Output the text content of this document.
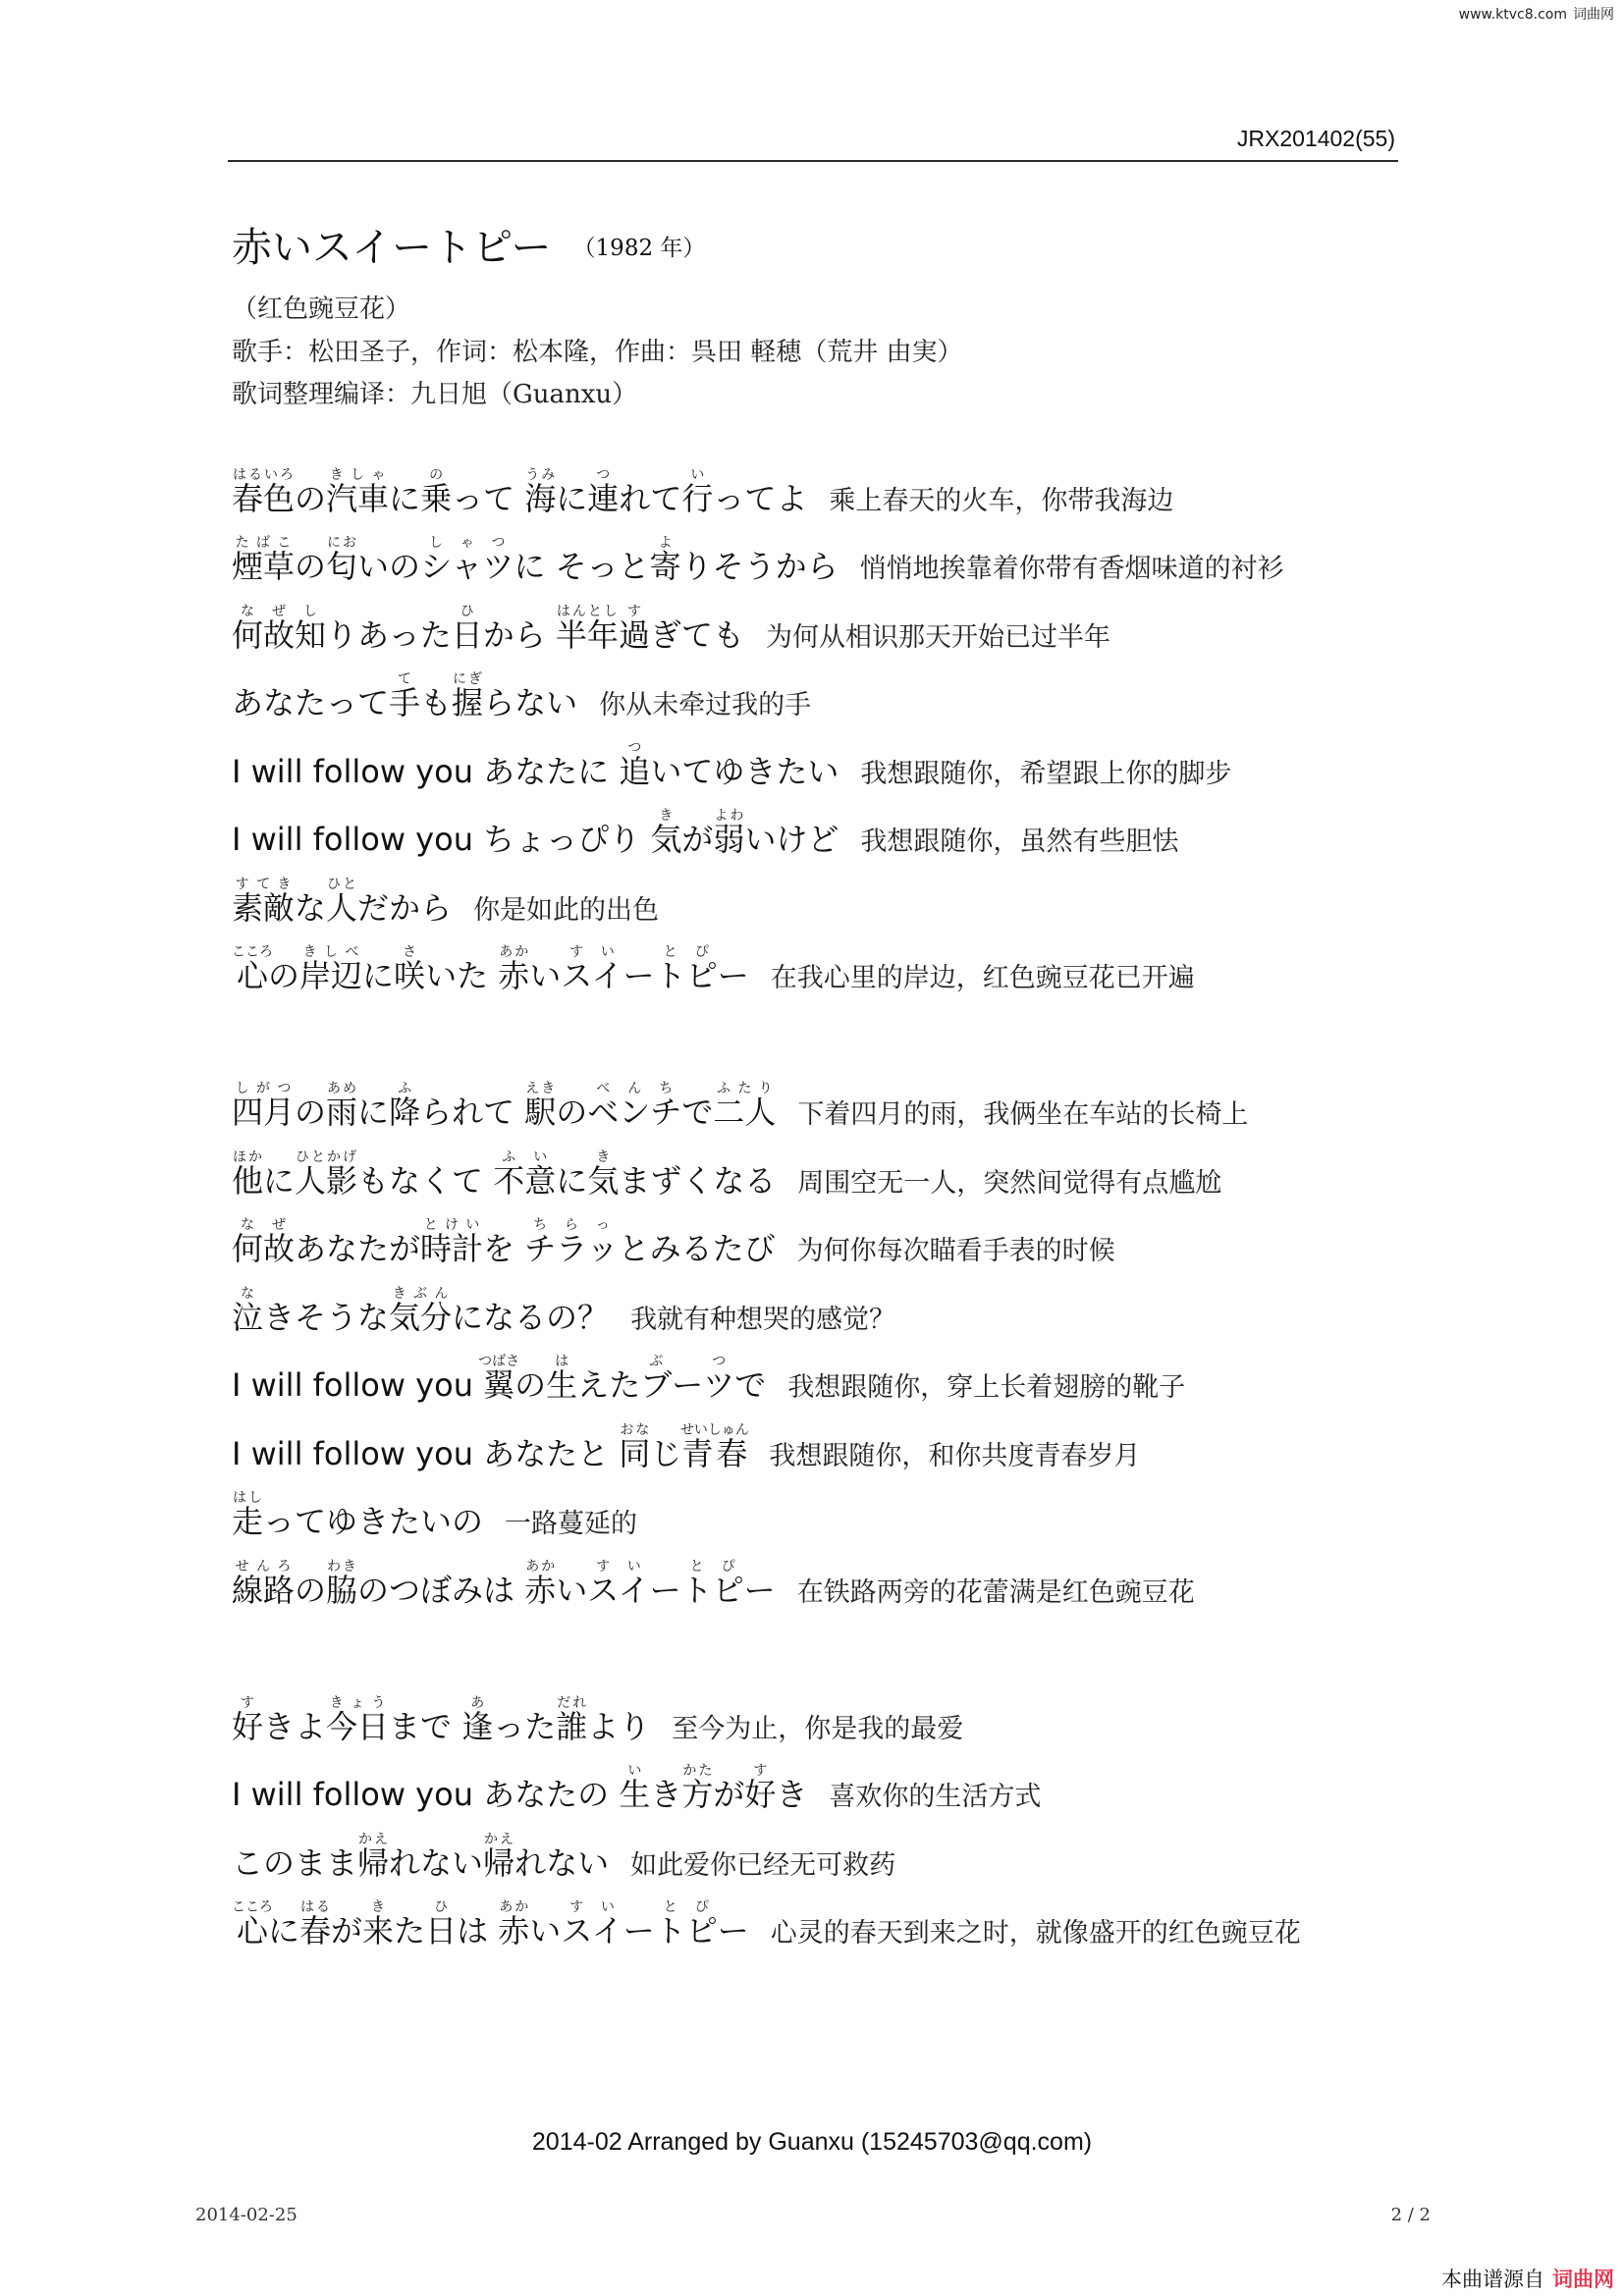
www.ktvc8.com 词曲网
JRX201402(55)
赤いスイートピー （1982 年）
（红色豌豆花）
歌手：松田圣子，作词：松本隆，作曲：呉田 軽穂（荒井 由実）
歌词整理编译：九日旭（Guanxu）
春色はるいろの汽車きしゃに乗のって 海うみに連つれて行いってよ 乘上春天的火车，你带我海边
煙草たばこの匂においのシャツしゃつに そっと寄よりそうから 悄悄地挨靠着你带有香烟味道的衬衫
何故なぜ知しりあった日ひから 半年はんとし過すぎても 为何从相识那天开始已过半年
あなたって手ても握にぎらない 你从未牵过我的手
I will follow you あなたに 追ついてゆきたい 我想跟随你，希望跟上你的脚步
I will follow you ちょっぴり 気きが弱よわいけど 我想跟随你，虽然有些胆怯
素敵すてきな人ひとだから 你是如此的出色
心こころの岸辺きしべに咲さいた 赤あかいスイすいートとピぴー 在我心里的岸边，红色豌豆花已开遍
四月しがつの雨あめに降ふられて 駅えきのベンチべんちで二人ふたり下着四月的雨，我俩坐在车站的长椅上
他ほかに人影ひとかげもなくて 不意ふいに気きまずくなる 周围空无一人，突然间觉得有点尴尬
何故なぜあなたが時計とけいを チラッちらっとみるたび 为何你每次瞄看手表的时候
泣なきそうな気分きぶんになるの？ 我就有种想哭的感觉？
I will follow you 翼つばさの生はえたブぶーツつで 我想跟随你，穿上长着翅膀的靴子
I will follow you あなたと 同おなじ青春せいしゅん我想跟随你，和你共度青春岁月
走はしってゆきたいの 一路蔓延的
線路せんろの脇わきのつぼみは 赤あかいスイすいートとピぴー 在铁路两旁的花蕾满是红色豌豆花
好すきよ今日きょうまで 逢あった誰だれより 至今为止，你是我的最爱
I will follow you あなたの 生いき方かたが好すき 喜欢你的生活方式
このまま帰かえれない帰かえれない 如此爱你已经无可救药
心こころに春はるが来きた日ひは 赤あかいスイすいートとピぴー 心灵的春天到来之时，就像盛开的红色豌豆花
2014-02 Arranged by Guanxu (15245703@qq.com)
2014-02-25	2 / 2
本曲谱源自 词曲网
